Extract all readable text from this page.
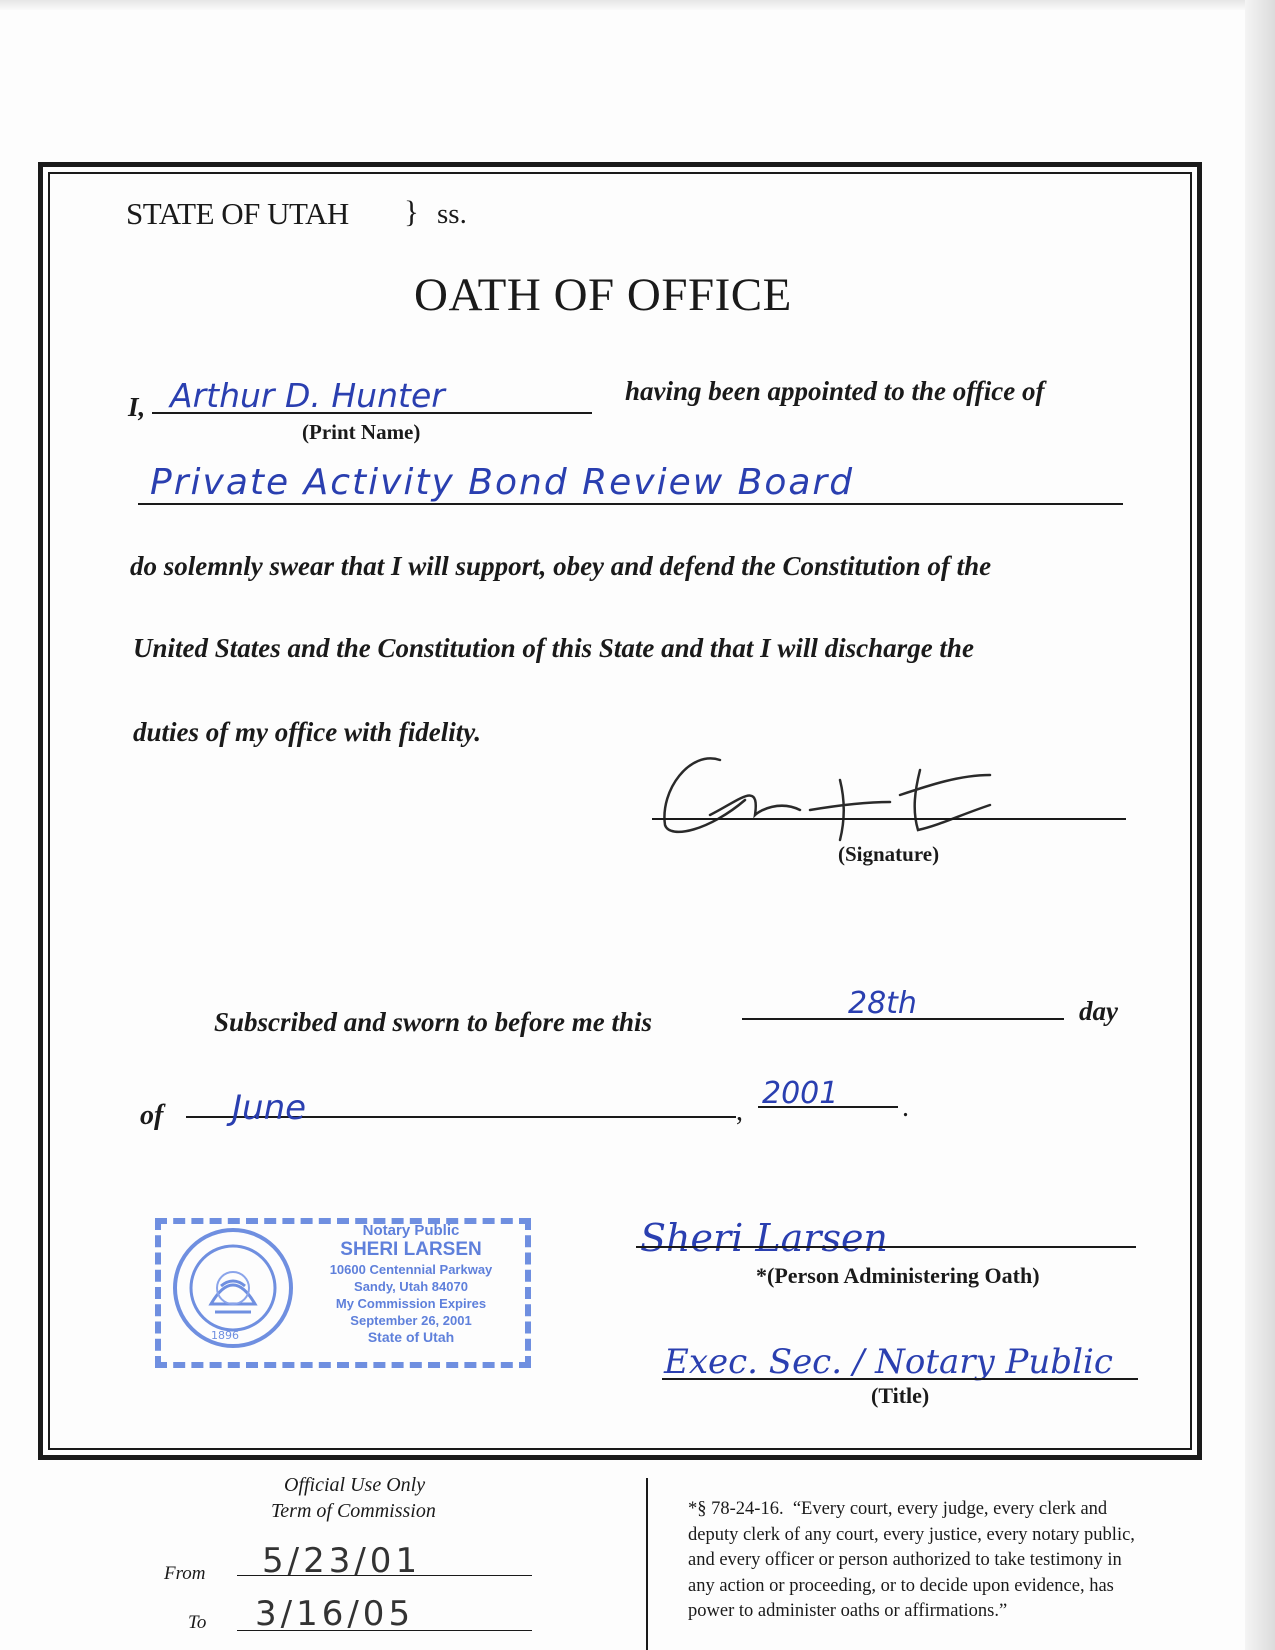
STATE OF UTAH } ss.
OATH OF OFFICE
I, Arthur D. Hunter
(Print Name)
having been appointed to the office of
Private Activity Bond Review Board
do solemnly swear that I will support, obey and defend the Constitution of the
United States and the Constitution of this State and that I will discharge the
duties of my office with fidelity.
(Signature)
Subscribed and sworn to before me this
28th	day
of June	,
2001 .
1896
Notary Public
SHERI LARSEN
10600 Centennial Parkway
Sandy, Utah 84070
My Commission Expires
September 26, 2001
State of Utah
Sheri Larsen
*(Person Administering Oath)
Exec. Sec. / Notary Public
(Title)
Official Use Only
Term of Commission
From 5/23/01
To 3/16/05
*§ 78-24-16.  “Every court, every judge, every clerk and
deputy clerk of any court, every justice, every notary public,
and every officer or person authorized to take testimony in
any action or proceeding, or to decide upon evidence, has
power to administer oaths or affirmations.”
